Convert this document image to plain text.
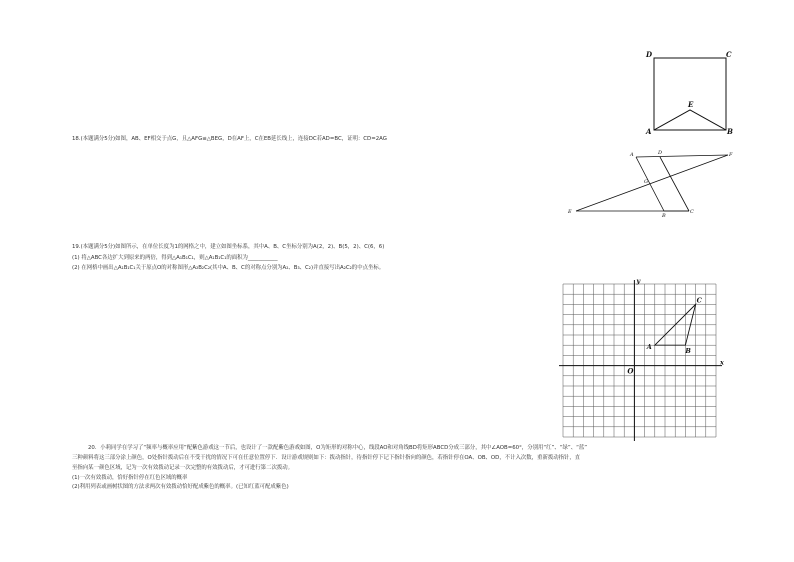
18.(本题满分5分)如图，AB、EF相交于点G，且△AFG≌△BEG，D在AF上，C在EB延长线上，连接DC若AD=BC，证明：CD=2AG
19.(本题满分5分)如图所示，在单位长度为1的网格之中，建立如图坐标系，其中A、B、C坐标分别为A(2，2)、B(5，2)、C(6，6)
(1) 将△ABC各边扩大到原来的两倍，得到△A₁B₁C₁，则△A₁B₁C₁的面积为___________
(2) 在网格中画出△A₁B₁C₁关于原点O的对称图形△A₂B₂C₂(其中A、B、C的对称点分别为A₂、B₃、C₂)并直接写出A₂C₂的中点坐标。
20．小莉同学在学习了“频率与概率应用”配紫色游戏这一节后，也设计了一款配紫色游戏如图，O为矩形的对称中心，线段AO和对角线BD将矩形ABCD分成三部分，其中∠AOB=60°，分别用“红”、“绿”、“蓝”
三种颜料将这三部分涂上颜色，O处指针拨动后在不受干扰的情况下可在任意位置停下．设计游戏规则如下：拨动指针，待指针停下记下指针指向的颜色，若指针停在OA、OB、OD，不计入次数，重新拨动指针，直
至指向某一颜色区域，记为一次有效拨动记录一次完整的有效拨动后，才可进行第二次拨动。
(1)一次有效拨动，恰好指针停在红色区域的概率
(2)利用列表或画树状图的方法求两次有效拨动恰好配成紫色的概率。(已知红蓝可配成紫色)
D	C
A	B
E
A	D	F
G
E
B
C
A	B
C
O
x
y
